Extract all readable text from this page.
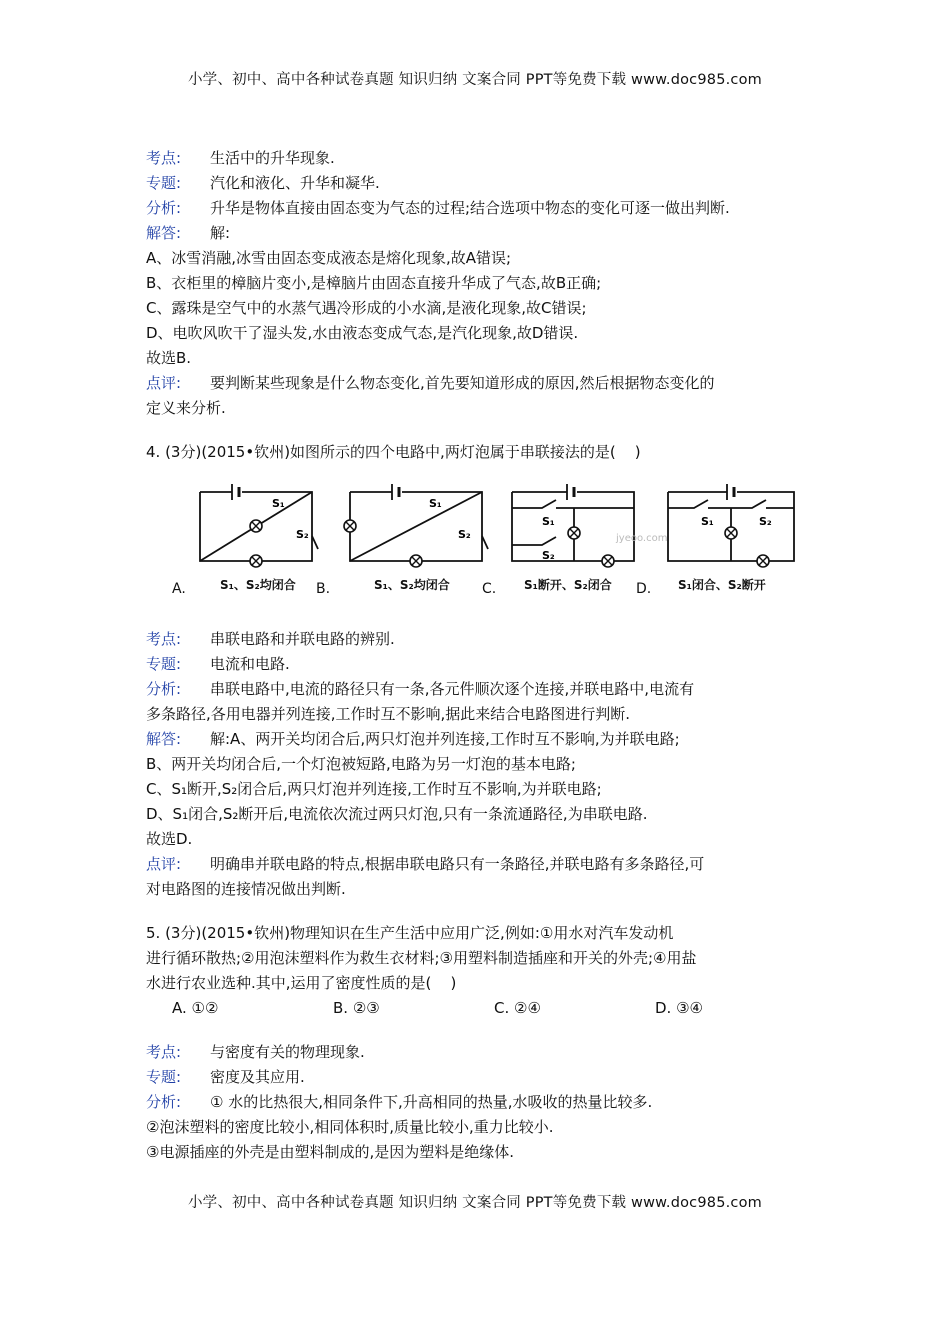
小学、初中、高中各种试卷真题 知识归纳 文案合同 PPT等免费下载 www.doc985.com
考点: 生活中的升华现象.
专题: 汽化和液化、升华和凝华.
分析: 升华是物体直接由固态变为气态的过程;结合选项中物态的变化可逐一做出判断.
解答: 解:
A、冰雪消融,冰雪由固态变成液态是熔化现象,故A错误;
B、衣柜里的樟脑片变小,是樟脑片由固态直接升华成了气态,故B正确;
C、露珠是空气中的水蒸气遇冷形成的小水滴,是液化现象,故C错误;
D、电吹风吹干了湿头发,水由液态变成气态,是汽化现象,故D错误.
故选B.
点评: 要判断某些现象是什么物态变化,首先要知道形成的原因,然后根据物态变化的
定义来分析.
4. (3分)(2015•钦州)如图所示的四个电路中,两灯泡属于串联接法的是(    )
S₁
S₂
S₁
S₂
S₁
S₂
jyeoo.com
S₁	S₂
A.	S₁、S₂均闭合 B.	S₁、S₂均闭合 C. S₁断开、S₂闭合 D. S₁闭合、S₂断开
考点: 串联电路和并联电路的辨别.
专题: 电流和电路.
分析: 串联电路中,电流的路径只有一条,各元件顺次逐个连接,并联电路中,电流有
多条路径,各用电器并列连接,工作时互不影响,据此来结合电路图进行判断.
解答: 解:A、两开关均闭合后,两只灯泡并列连接,工作时互不影响,为并联电路;
B、两开关均闭合后,一个灯泡被短路,电路为另一灯泡的基本电路;
C、S₁断开,S₂闭合后,两只灯泡并列连接,工作时互不影响,为并联电路;
D、S₁闭合,S₂断开后,电流依次流过两只灯泡,只有一条流通路径,为串联电路.
故选D.
点评: 明确串并联电路的特点,根据串联电路只有一条路径,并联电路有多条路径,可
对电路图的连接情况做出判断.
5. (3分)(2015•钦州)物理知识在生产生活中应用广泛,例如:①用水对汽车发动机
进行循环散热;②用泡沫塑料作为救生衣材料;③用塑料制造插座和开关的外壳;④用盐
水进行农业选种.其中,运用了密度性质的是(    )
A. ①②	B. ②③	C. ②④	D. ③④
考点: 与密度有关的物理现象.
专题: 密度及其应用.
分析: ① 水的比热很大,相同条件下,升高相同的热量,水吸收的热量比较多.
②泡沫塑料的密度比较小,相同体积时,质量比较小,重力比较小.
③电源插座的外壳是由塑料制成的,是因为塑料是绝缘体.
小学、初中、高中各种试卷真题 知识归纳 文案合同 PPT等免费下载 www.doc985.com
